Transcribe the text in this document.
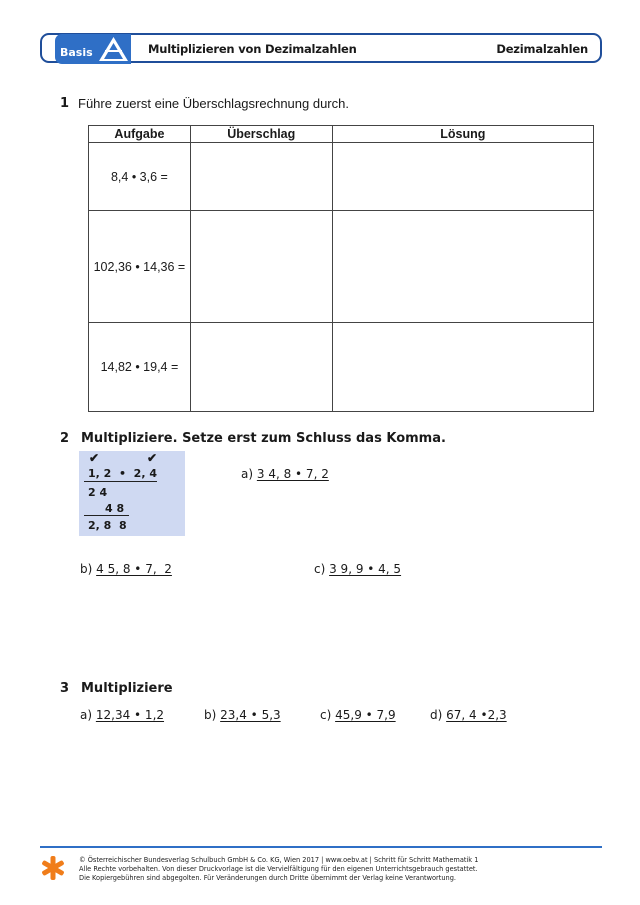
Basis	Multiplizieren von Dezimalzahlen	Dezimalzahlen
1 Führe zuerst eine Überschlagsrechnung durch.
Aufgabe	Überschlag	Lösung
8,4 • 3,6 =		
102,36 • 14,36 =		
14,82 • 19,4 =		
2 Multipliziere. Setze erst zum Schluss das Komma.
✔	✔
1, 2  •  2, 4
2 4
4 8
2, 8  8
a) 3 4, 8 • 7, 2
b) 4 5, 8 • 7,  2	c) 3 9, 9 • 4, 5
3 Multipliziere
a) 12,34 • 1,2	b) 23,4 • 5,3	c) 45,9 • 7,9	d) 67, 4 •2,3
© Österreichischer Bundesverlag Schulbuch GmbH & Co. KG, Wien 2017 | www.oebv.at | Schritt für Schritt Mathematik 1
Alle Rechte vorbehalten. Von dieser Druckvorlage ist die Vervielfältigung für den eigenen Unterrichtsgebrauch gestattet.
Die Kopiergebühren sind abgegolten. Für Veränderungen durch Dritte übernimmt der Verlag keine Verantwortung.
